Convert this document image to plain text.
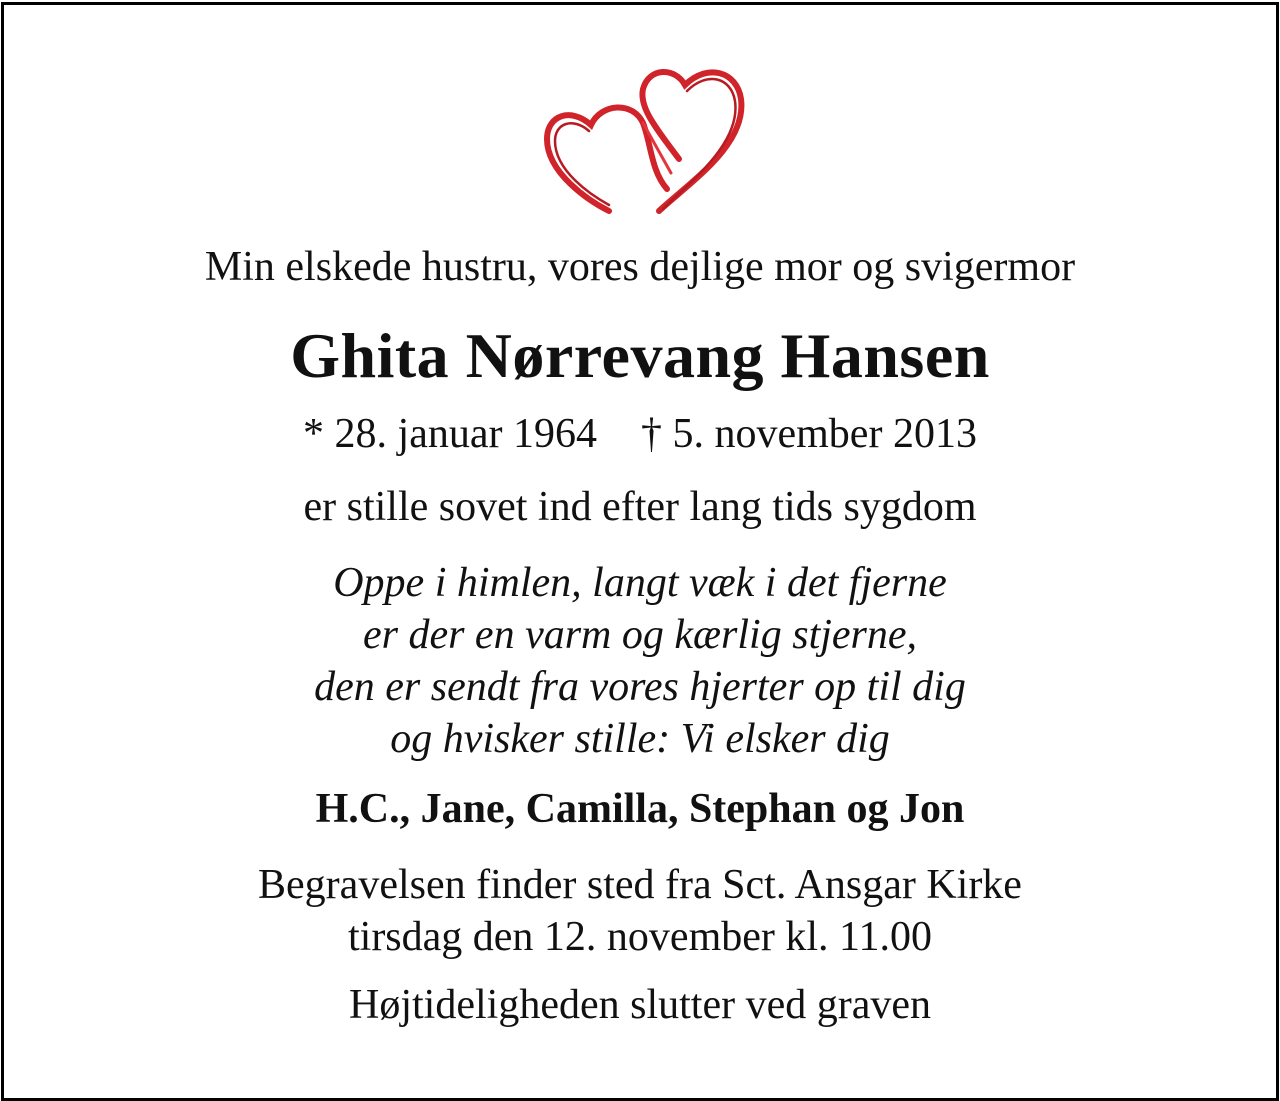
Min elskede hustru, vores dejlige mor og svigermor
Ghita Nørrevang Hansen
* 28. januar 1964 † 5. november 2013
er stille sovet ind efter lang tids sygdom
Oppe i himlen, langt væk i det fjerne
er der en varm og kærlig stjerne,
den er sendt fra vores hjerter op til dig
og hvisker stille: Vi elsker dig
H.C., Jane, Camilla, Stephan og Jon
Begravelsen finder sted fra Sct. Ansgar Kirke
tirsdag den 12. november kl. 11.00
Højtideligheden slutter ved graven
